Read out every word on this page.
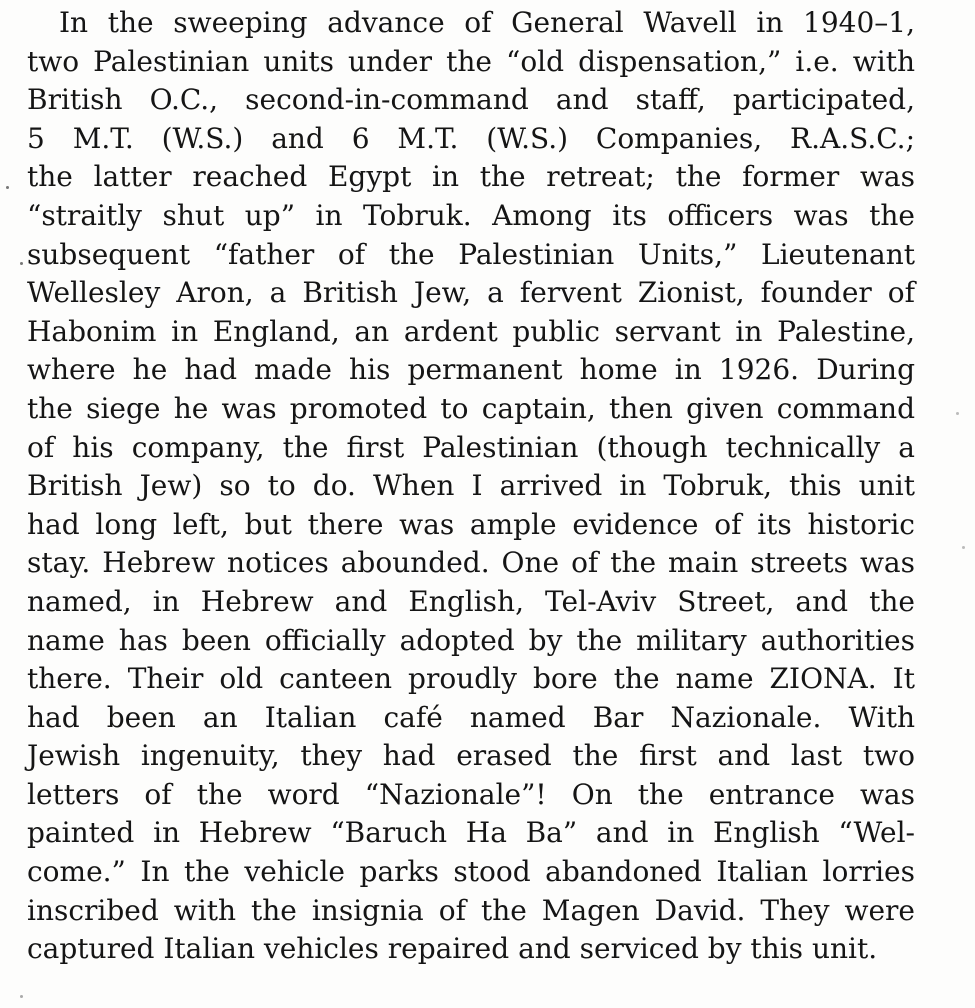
In the sweeping advance of General Wavell in 1940–1,
two Palestinian units under the “old dispensation,” i.e. with
British O.C., second-in-command and staff, participated,
5 M.T. (W.S.) and 6 M.T. (W.S.) Companies, R.A.S.C.;
the latter reached Egypt in the retreat; the former was
“straitly shut up” in Tobruk. Among its officers was the
subsequent “father of the Palestinian Units,” Lieutenant
Wellesley Aron, a British Jew, a fervent Zionist, founder of
Habonim in England, an ardent public servant in Palestine,
where he had made his permanent home in 1926. During
the siege he was promoted to captain, then given command
of his company, the first Palestinian (though technically a
British Jew) so to do. When I arrived in Tobruk, this unit
had long left, but there was ample evidence of its historic
stay. Hebrew notices abounded. One of the main streets was
named, in Hebrew and English, Tel-Aviv Street, and the
name has been officially adopted by the military authorities
there. Their old canteen proudly bore the name ZIONA. It
had been an Italian café named Bar Nazionale. With
Jewish ingenuity, they had erased the first and last two
letters of the word “Nazionale”! On the entrance was
painted in Hebrew “Baruch Ha Ba” and in English “Wel-
come.” In the vehicle parks stood abandoned Italian lorries
inscribed with the insignia of the Magen David. They were
captured Italian vehicles repaired and serviced by this unit.
